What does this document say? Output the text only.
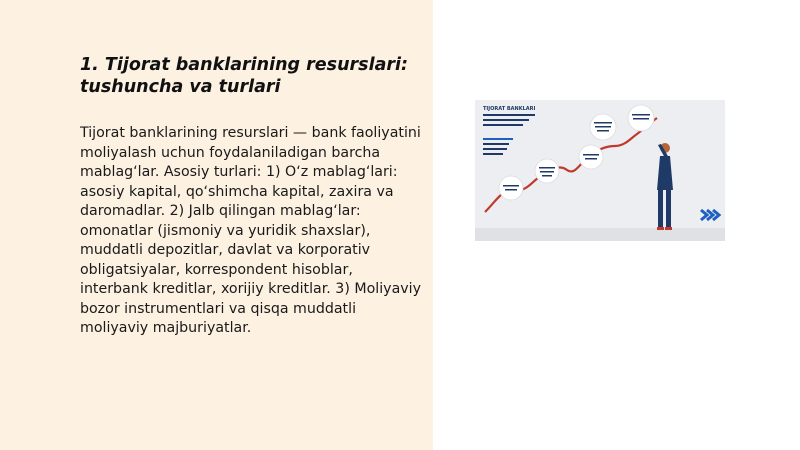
1. Tijorat banklarining resurslari: tushuncha va turlari

Tijorat banklarining resurslari — bank faoliyatini moliyalash uchun foydalaniladigan barcha mablag‘lar. Asosiy turlari: 1) O‘z mablag‘lari: asosiy kapital, qo‘shimcha kapital, zaxira va daromadlar. 2) Jalb qilingan mablag‘lar: omonatlar (jismoniy va yuridik shaxslar), muddatli depozitlar, davlat va korporativ obligatsiyalar, korrespondent hisoblar, interbank kreditlar, xorijiy kreditlar. 3) Moliyaviy bozor instrumentlari va qisqa muddatli moliyaviy majburiyatlar.

TIJORAT BANKLARI
